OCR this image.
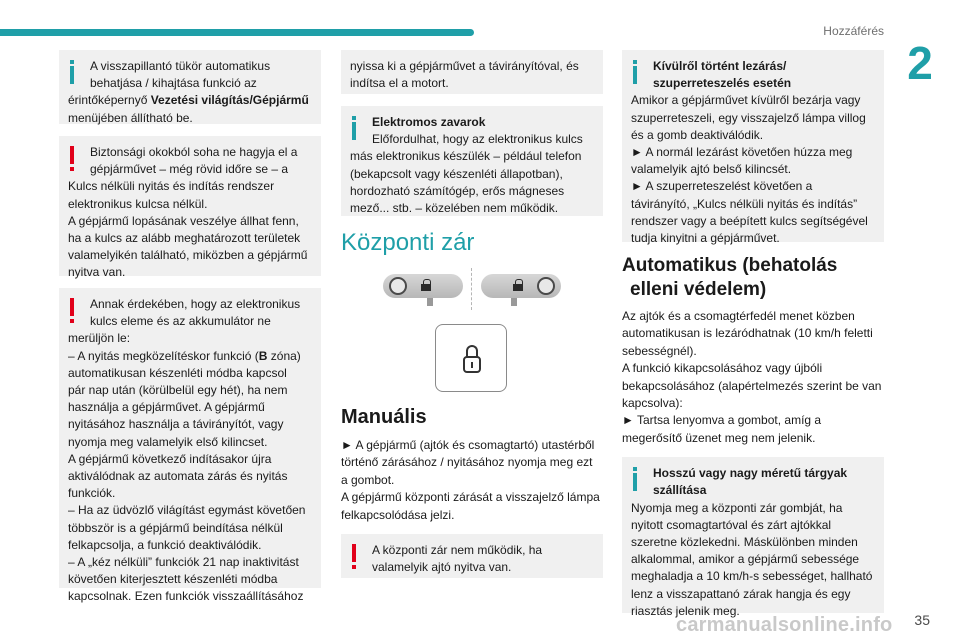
Hozzáférés
2
A visszapillantó tükör automatikus
behatjása / kihajtása funkció az
érintőképernyő Vezetési világítás/Gépjármű
menüjében állítható be.
Biztonsági okokból soha ne hagyja el a
gépjárművet – még rövid időre se – a
Kulcs nélküli nyitás és indítás rendszer
elektronikus kulcsa nélkül.
A gépjármű lopásának veszélye állhat fenn,
ha a kulcs az alább meghatározott területek
valamelyikén található, miközben a gépjármű
nyitva van.
Annak érdekében, hogy az elektronikus
kulcs eleme és az akkumulátor ne
merüljön le:
– A nyitás megközelítéskor funkció (B zóna)
automatikusan készenléti módba kapcsol
pár nap után (körülbelül egy hét), ha nem
használja a gépjárművet. A gépjármű
nyitásához használja a távirányítót, vagy
nyomja meg valamelyik első kilincset.
A gépjármű következő indításakor újra
aktiválódnak az automata zárás és nyitás
funkciók.
– Ha az üdvözlő világítást egymást követően
többször is a gépjármű beindítása nélkül
felkapcsolja, a funkció deaktiválódik.
– A „kéz nélküli” funkciók 21 nap inaktivitást
követően kiterjesztett készenléti módba
kapcsolnak. Ezen funkciók visszaállításához
nyissa ki a gépjárművet a távirányítóval, és
indítsa el a motort.
Elektromos zavarok
Előfordulhat, hogy az elektronikus kulcs
más elektronikus készülék – például telefon
(bekapcsolt vagy készenléti állapotban),
hordozható számítógép, erős mágneses
mező... stb. – közelében nem működik.
Központi zár
Manuális
► A gépjármű (ajtók és csomagtartó) utastérből
történő zárásához / nyitásához nyomja meg ezt
a gombot.
A gépjármű központi zárását a visszajelző lámpa
felkapcsolódása jelzi.
A központi zár nem működik, ha
valamelyik ajtó nyitva van.
Kívülről történt lezárás/
szuperreteszelés esetén
Amikor a gépjárművet kívülről bezárja vagy
szuperreteszeli, egy visszajelző lámpa villog
és a gomb deaktiválódik.
► A normál lezárást követően húzza meg
valamelyik ajtó belső kilincsét.
► A szuperreteszelést követően a
távirányító, „Kulcs nélküli nyitás és indítás”
rendszer vagy a beépített kulcs segítségével
tudja kinyitni a gépjárművet.
Automatikus (behatolás
elleni védelem)
Az ajtók és a csomagtérfedél menet közben
automatikusan is lezáródhatnak (10 km/h feletti
sebességnél).
A funkció kikapcsolásához vagy újbóli
bekapcsolásához (alapértelmezés szerint be van
kapcsolva):
► Tartsa lenyomva a gombot, amíg a
megerősítő üzenet meg nem jelenik.
Hosszú vagy nagy méretű tárgyak
szállítása
Nyomja meg a központi zár gombját, ha
nyitott csomagtartóval és zárt ajtókkal
szeretne közlekedni. Máskülönben minden
alkalommal, amikor a gépjármű sebessége
meghaladja a 10 km/h-s sebességet, hallható
lenz a visszapattanó zárak hangja és egy
riasztás jelenik meg.
carmanualsonline.info 35
